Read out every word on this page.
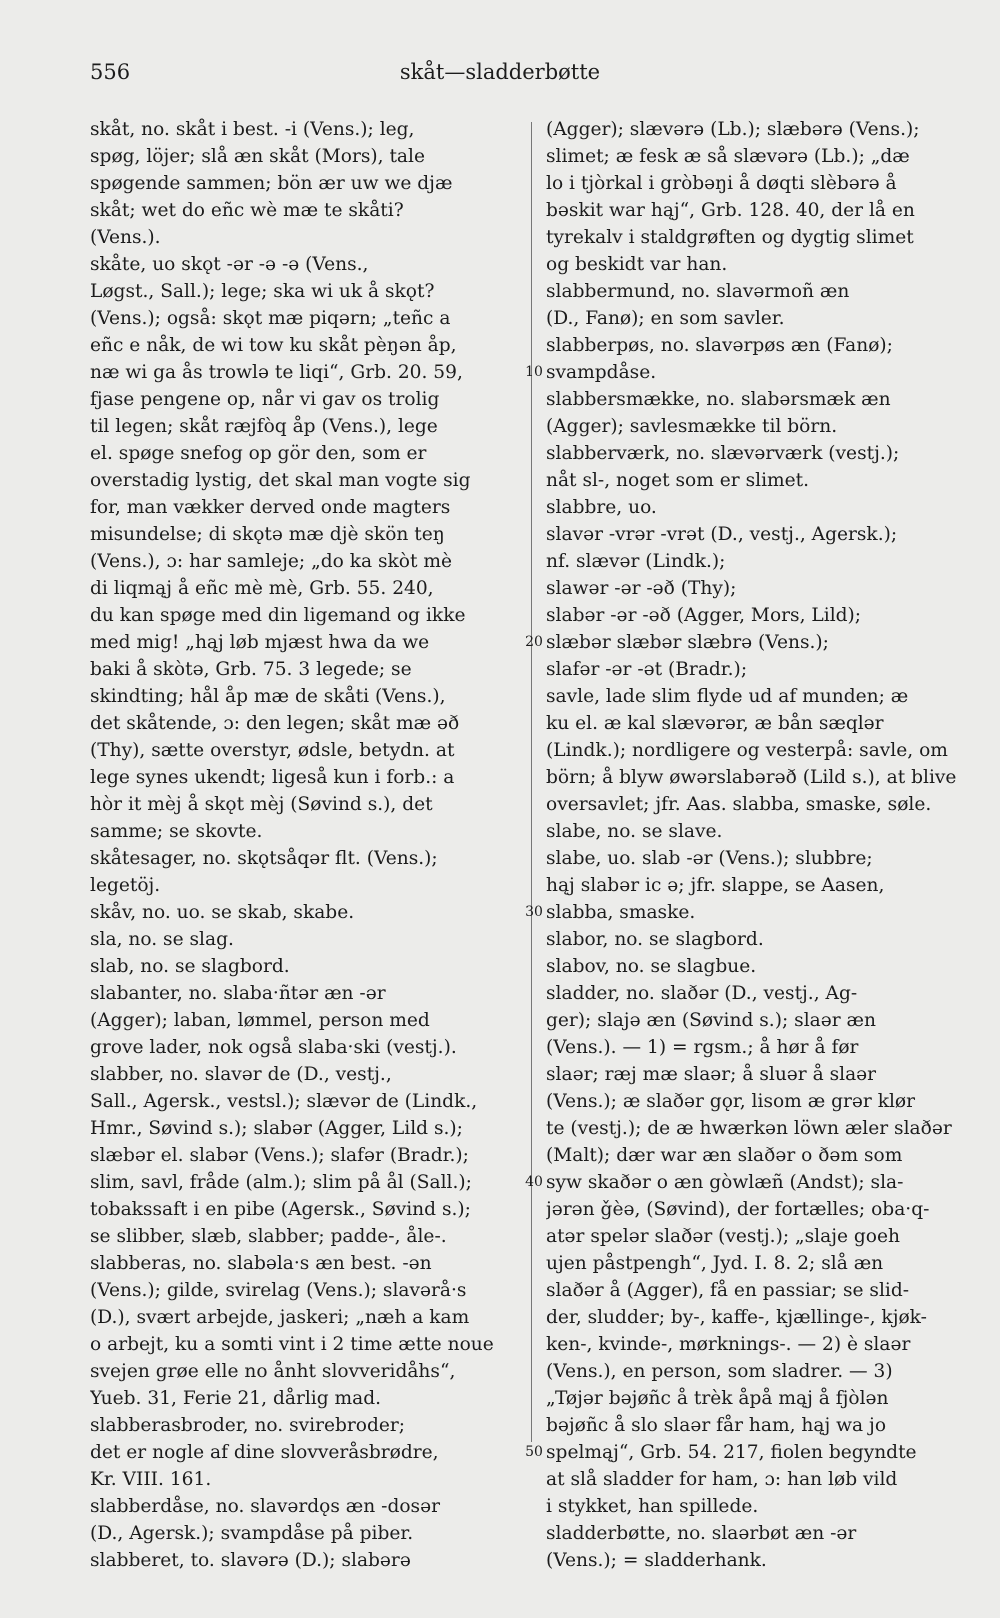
556	skåt—sladderbøtte
skåt, no. skåt i best. -i (Vens.); leg,
spøg, löjer; slå æn skåt (Mors), tale
spøgende sammen; bön ær uw we djæ
skåt; wet do eñc wè mæ te skåti?
(Vens.).
skåte, uo skǫt -ər -ə -ə (Vens.,
Løgst., Sall.); lege; ska wi uk å skǫt?
(Vens.); også: skǫt mæ piqərn; „teñc a
eñc e nåk, de wi tow ku skåt pèŋən åp,
næ wi ga ås trowlə te liqi“, Grb. 20. 59,
fjase pengene op, når vi gav os trolig
til legen; skåt ræjfòq åp (Vens.), lege
el. spøge snefog op gör den, som er
overstadig lystig, det skal man vogte sig
for, man vækker derved onde magters
misundelse; di skǫtə mæ djè skön teŋ
(Vens.), ɔ: har samleje; „do ka skòt mè
di liqmąj å eñc mè mè, Grb. 55. 240,
du kan spøge med din ligemand og ikke
med mig! „hąj løb mjæst hwa da we
baki å skòtə, Grb. 75. 3 legede; se
skindting; hål åp mæ de skåti (Vens.),
det skåtende, ɔ: den legen; skåt mæ əð
(Thy), sætte overstyr, ødsle, betydn. at
lege synes ukendt; ligeså kun i forb.: a
hòr it mèj å skǫt mèj (Søvind s.), det
samme; se skovte.
skåtesager, no. skǫtsåqər flt. (Vens.);
legetöj.
skåv, no. uo. se skab, skabe.
sla, no. se slag.
slab, no. se slagbord.
slabanter, no. slaba·ñtər æn -ər
(Agger); laban, lømmel, person med
grove lader, nok også slaba·ski (vestj.).
slabber, no. slavər de (D., vestj.,
Sall., Agersk., vestsl.); slævər de (Lindk.,
Hmr., Søvind s.); slabər (Agger, Lild s.);
slæbər el. slabər (Vens.); slafər (Bradr.);
slim, savl, fråde (alm.); slim på ål (Sall.);
tobakssaft i en pibe (Agersk., Søvind s.);
se slibber, slæb, slabber; padde-, åle-.
slabberas, no. slabəla·s æn best. -ən
(Vens.); gilde, svirelag (Vens.); slavərå·s
(D.), svært arbejde, jaskeri; „næh a kam
o arbejt, ku a somti vint i 2 time ætte noue
svejen grøe elle no ånht slovveridåhs“,
Yueb. 31, Ferie 21, dårlig mad.
slabberasbroder, no. svirebroder;
det er nogle af dine slovveråsbrødre,
Kr. VIII. 161.
slabberdåse, no. slavərdǫs æn -dosər
(D., Agersk.); svampdåse på piber.
slabberet, to. slavərə (D.); slabərə
10
20
30
40
50
(Agger); slævərə (Lb.); slæbərə (Vens.);
slimet; æ fesk æ så slævərə (Lb.); „dæ
lo i tjòrkal i gròbəŋi å døqti slèbərə å
bəskit war hąj“, Grb. 128. 40, der lå en
tyrekalv i staldgrøften og dygtig slimet
og beskidt var han.
slabbermund, no. slavərmoñ æn
(D., Fanø); en som savler.
slabberpøs, no. slavərpøs æn (Fanø);
svampdåse.
slabbersmække, no. slabərsmæk æn
(Agger); savlesmække til börn.
slabberværk, no. slævərværk (vestj.);
nåt sl-, noget som er slimet.
slabbre, uo.
slavər -vrər -vrət (D., vestj., Agersk.);
nf. slævər (Lindk.);
slawər -ər -əð (Thy);
slabər -ər -əð (Agger, Mors, Lild);
slæbər slæbər slæbrə (Vens.);
slafər -ər -ət (Bradr.);
savle, lade slim flyde ud af munden; æ
ku el. æ kal slævərər, æ bån sæqlər
(Lindk.); nordligere og vesterpå: savle, om
börn; å blyw øwərslabərəð (Lild s.), at blive
oversavlet; jfr. Aas. slabba, smaske, søle.
slabe, no. se slave.
slabe, uo. slab -ər (Vens.); slubbre;
hąj slabər ic ə; jfr. slappe, se Aasen,
slabba, smaske.
slabor, no. se slagbord.
slabov, no. se slagbue.
sladder, no. slaðər (D., vestj., Ag-
ger); slajə æn (Søvind s.); slaər æn
(Vens.). — 1) = rgsm.; å hør å før
slaər; ræj mæ slaər; å sluər å slaər
(Vens.); æ slaðər gǫr, lisom æ grər klør
te (vestj.); de æ hwærkən löwn æler slaðər
(Malt); dær war æn slaðər o ðəm som
syw skaðər o æn gòwlæñ (Andst); sla-
jərən ǧèə, (Søvind), der fortælles; oba·q-
atər spelər slaðər (vestj.); „slaje goeh
ujen påstpengh“, Jyd. I. 8. 2; slå æn
slaðər å (Agger), få en passiar; se slid-
der, sludder; by-, kaffe-, kjællinge-, kjøk-
ken-, kvinde-, mørknings-. — 2) è slaər
(Vens.), en person, som sladrer. — 3)
„Tøjər bəjøñc å trèk åpå mąj å fjòlən
bəjøñc å slo slaər får ham, hąj wa jo
spelmąj“, Grb. 54. 217, fiolen begyndte
at slå sladder for ham, ɔ: han løb vild
i stykket, han spillede.
sladderbøtte, no. slaərbøt æn -ər
(Vens.); = sladderhank.
